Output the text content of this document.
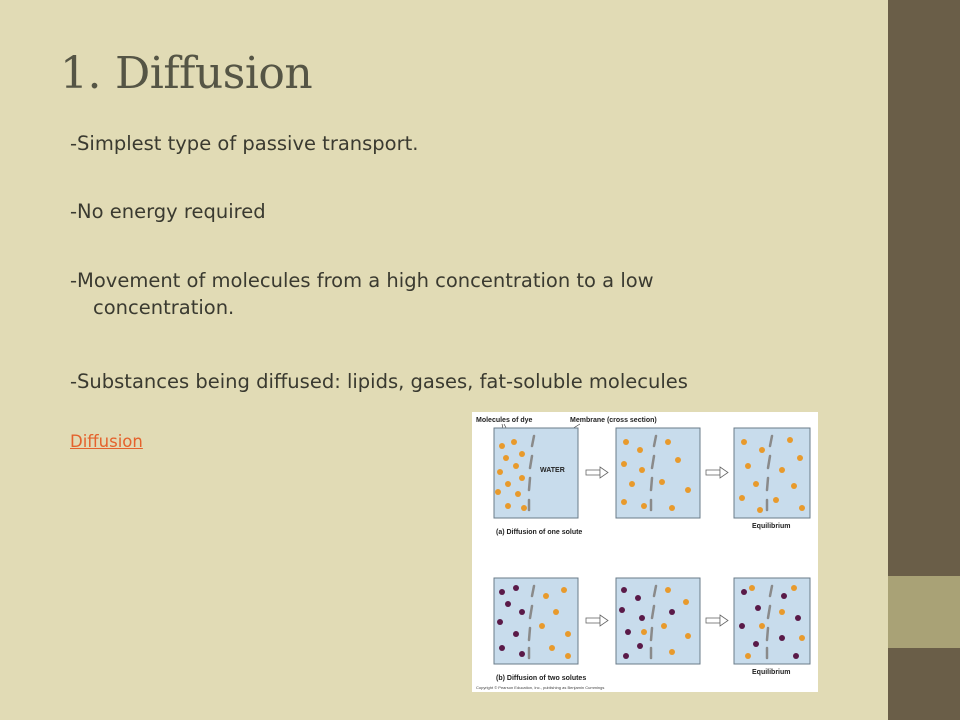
1. Diffusion
-Simplest type of passive transport.
-No energy required
-Movement of molecules from a high concentration to a low
concentration.
-Substances being diffused: lipids, gases, fat-soluble molecules
Diffusion
Molecules of dye	Membrane (cross section)
WATER
Equilibrium
(a) Diffusion of one solute
Equilibrium
(b) Diffusion of two solutes
Copyright © Pearson Education, Inc., publishing as Benjamin Cummings
